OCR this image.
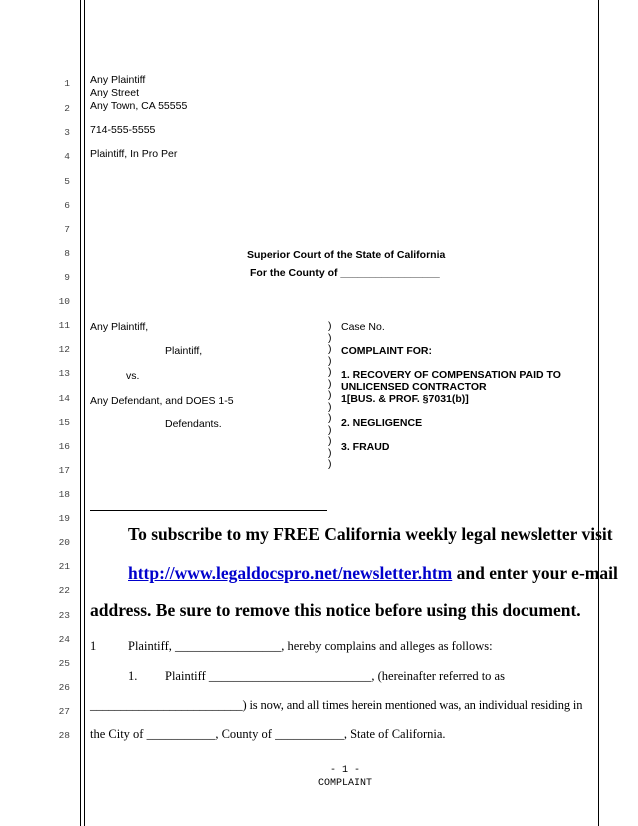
1
2
3
4
5
6
7
8
9
10
11
12
13
14
15
16
17
18
19
20
21
22
23
24
25
26
27
28
Any Plaintiff
Any Street
Any Town, CA 55555
714-555-5555
Plaintiff, In Pro Per
Superior Court of the State of California
For the County of _________________
Any Plaintiff,
Plaintiff,
vs.
Any Defendant, and DOES 1-5
Defendants.
)
)
)
)
)
)
)
)
)
)
)
)
)
Case No.
COMPLAINT FOR:
1. RECOVERY OF COMPENSATION PAID TO
UNLICENSED CONTRACTOR
1[BUS. & PROF. §7031(b)]
2. NEGLIGENCE
3. FRAUD
To subscribe to my FREE California weekly legal newsletter visit
http://www.legaldocspro.net/newsletter.htm and enter your e-mail
address. Be sure to remove this notice before using this document.
1	Plaintiff, _________________, hereby complains and alleges as follows:
1. Plaintiff __________________________, (hereinafter referred to as
_________________________) is now, and all times herein mentioned was, an individual residing in
the City of ___________, County of ___________, State of California.
- 1 -
COMPLAINT
